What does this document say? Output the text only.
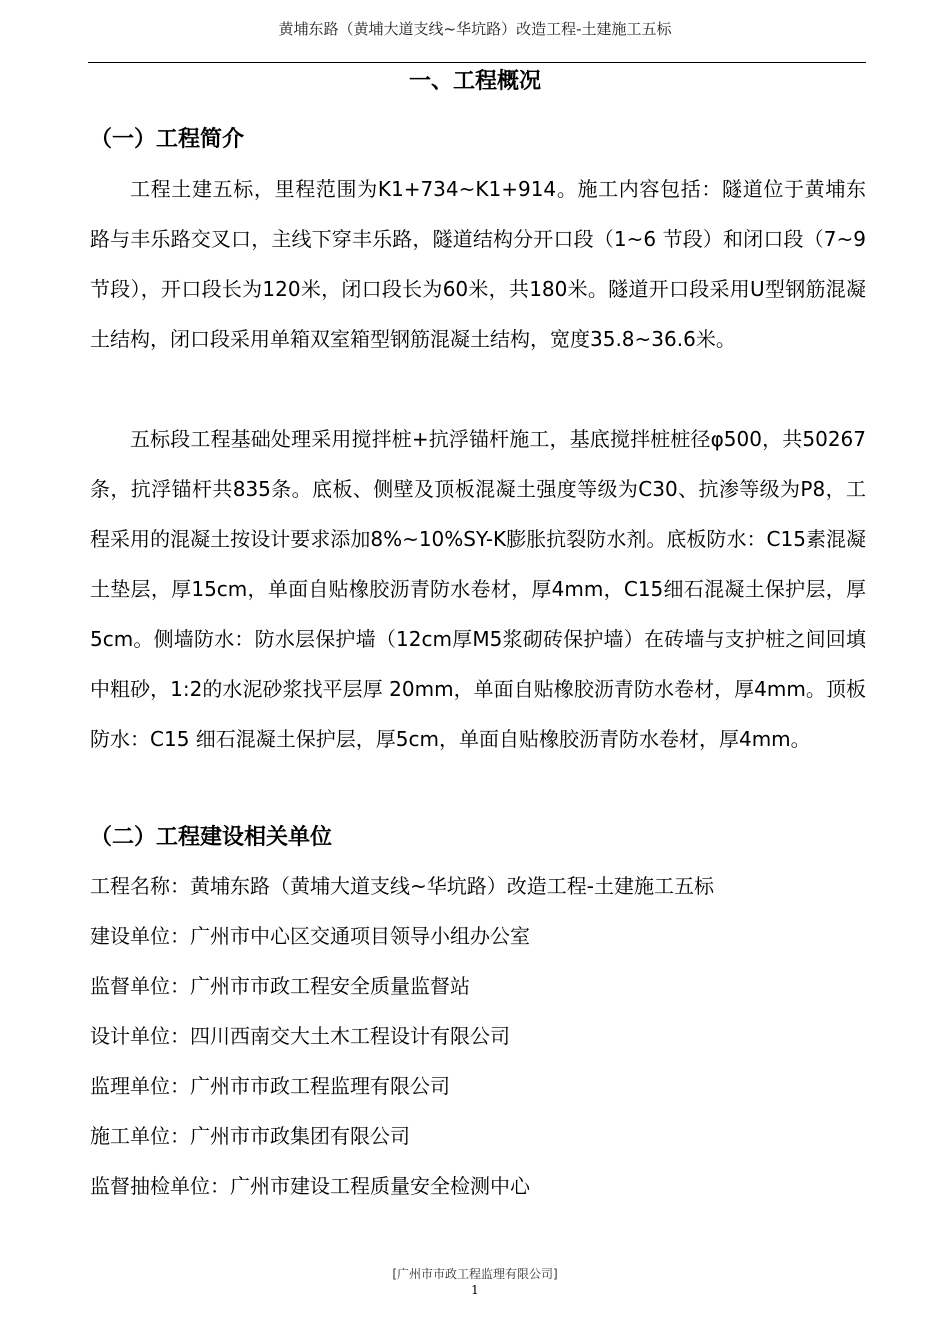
黄埔东路（黄埔大道支线~华坑路）改造工程-土建施工五标
一、工程概况
（一）工程简介
工程土建五标，里程范围为K1+734~K1+914。施工内容包括：隧道位于黄埔东路与丰乐路交叉口，主线下穿丰乐路，隧道结构分开口段（1~6 节段）和闭口段（7~9节段），开口段长为120米，闭口段长为60米，共180米。隧道开口段采用U型钢筋混凝土结构，闭口段采用单箱双室箱型钢筋混凝土结构，宽度35.8~36.6米。
五标段工程基础处理采用搅拌桩+抗浮锚杆施工，基底搅拌桩桩径φ500，共50267条，抗浮锚杆共835条。底板、侧壁及顶板混凝土强度等级为C30、抗渗等级为P8，工程采用的混凝土按设计要求添加8%~10%SY-K膨胀抗裂防水剂。底板防水：C15素混凝土垫层，厚15cm，单面自贴橡胶沥青防水卷材，厚4mm，C15细石混凝土保护层，厚5cm。侧墙防水：防水层保护墙（12cm厚M5浆砌砖保护墙）在砖墙与支护桩之间回填中粗砂，1:2的水泥砂浆找平层厚 20mm，单面自贴橡胶沥青防水卷材，厚4mm。顶板防水：C15 细石混凝土保护层，厚5cm，单面自贴橡胶沥青防水卷材，厚4mm。
（二）工程建设相关单位
工程名称：黄埔东路（黄埔大道支线~华坑路）改造工程-土建施工五标
建设单位：广州市中心区交通项目领导小组办公室
监督单位：广州市市政工程安全质量监督站
设计单位：四川西南交大土木工程设计有限公司
监理单位：广州市市政工程监理有限公司
施工单位：广州市市政集团有限公司
监督抽检单位：广州市建设工程质量安全检测中心
[广州市市政工程监理有限公司]
1
